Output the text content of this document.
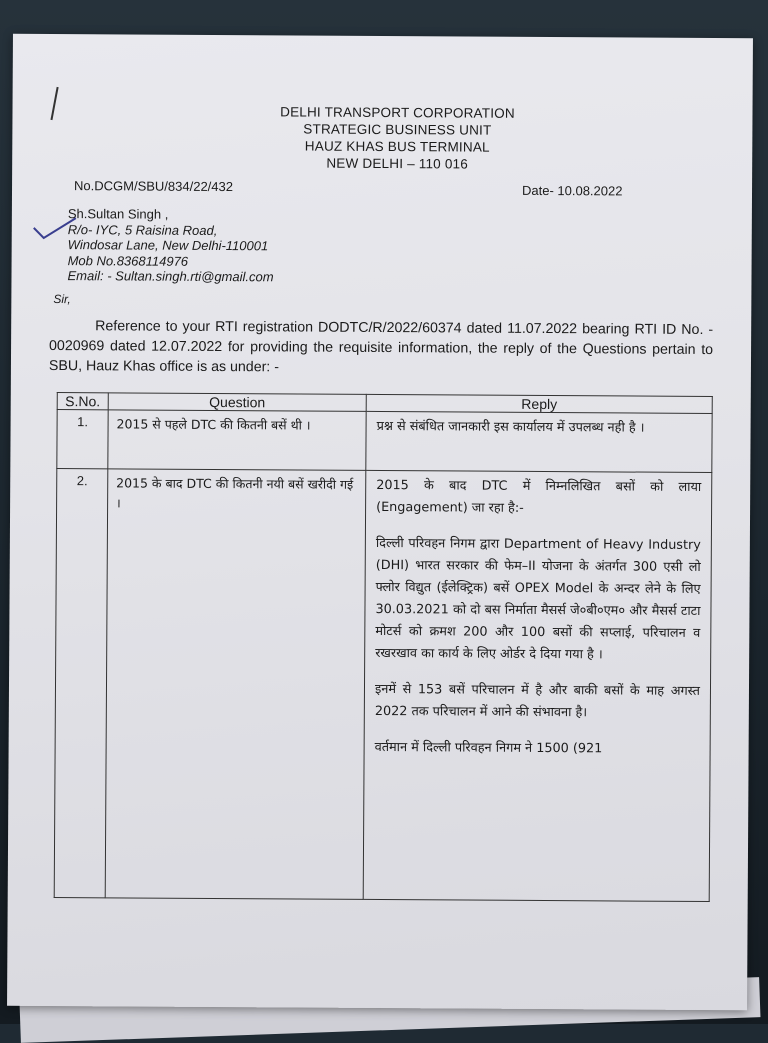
DELHI TRANSPORT CORPORATION
STRATEGIC BUSINESS UNIT
HAUZ KHAS BUS TERMINAL
NEW DELHI – 110 016
No.DCGM/SBU/834/22/432	Date- 10.08.2022
Sh.Sultan Singh ,
R/o- IYC, 5 Raisina Road,
Windosar Lane, New Delhi-110001
Mob No.8368114976
Email: - Sultan.singh.rti@gmail.com
Sir,
Reference to your RTI registration DODTC/R/2022/60374 dated 11.07.2022 bearing RTI ID No. - 0020969 dated 12.07.2022 for providing the requisite information, the reply of the Questions pertain to SBU, Hauz Khas office is as under: -
S.No.	Question	Reply
1.	2015 से पहले DTC की कितनी बसें थी ।	प्रश्न से संबंधित जानकारी इस कार्यालय में उपलब्ध नही है ।

2.	2015 के बाद DTC की कितनी नयी बसें खरीदी गई ।	2015 के बाद DTC में निम्नलिखित बसों को लाया (Engagement) जा रहा है:-
दिल्ली परिवहन निगम द्वारा Department of Heavy Industry (DHI) भारत सरकार की फेम–II योजना के अंतर्गत 300 एसी लो फ्लोर विद्युत (ईलेक्ट्रिक) बसें OPEX Model के अन्दर लेने के लिए 30.03.2021 को दो बस निर्माता मैसर्स जे०बी०एम० और मैसर्स टाटा मोटर्स को क्रमश 200 और 100 बसों की सप्लाई, परिचालन व रखरखाव का कार्य के लिए ओर्डर दे दिया गया है ।
इनमें से 153 बसें परिचालन में है और बाकी बसों के माह अगस्त 2022 तक परिचालन में आने की संभावना है।
वर्तमान में दिल्ली परिवहन निगम ने 1500 (921
